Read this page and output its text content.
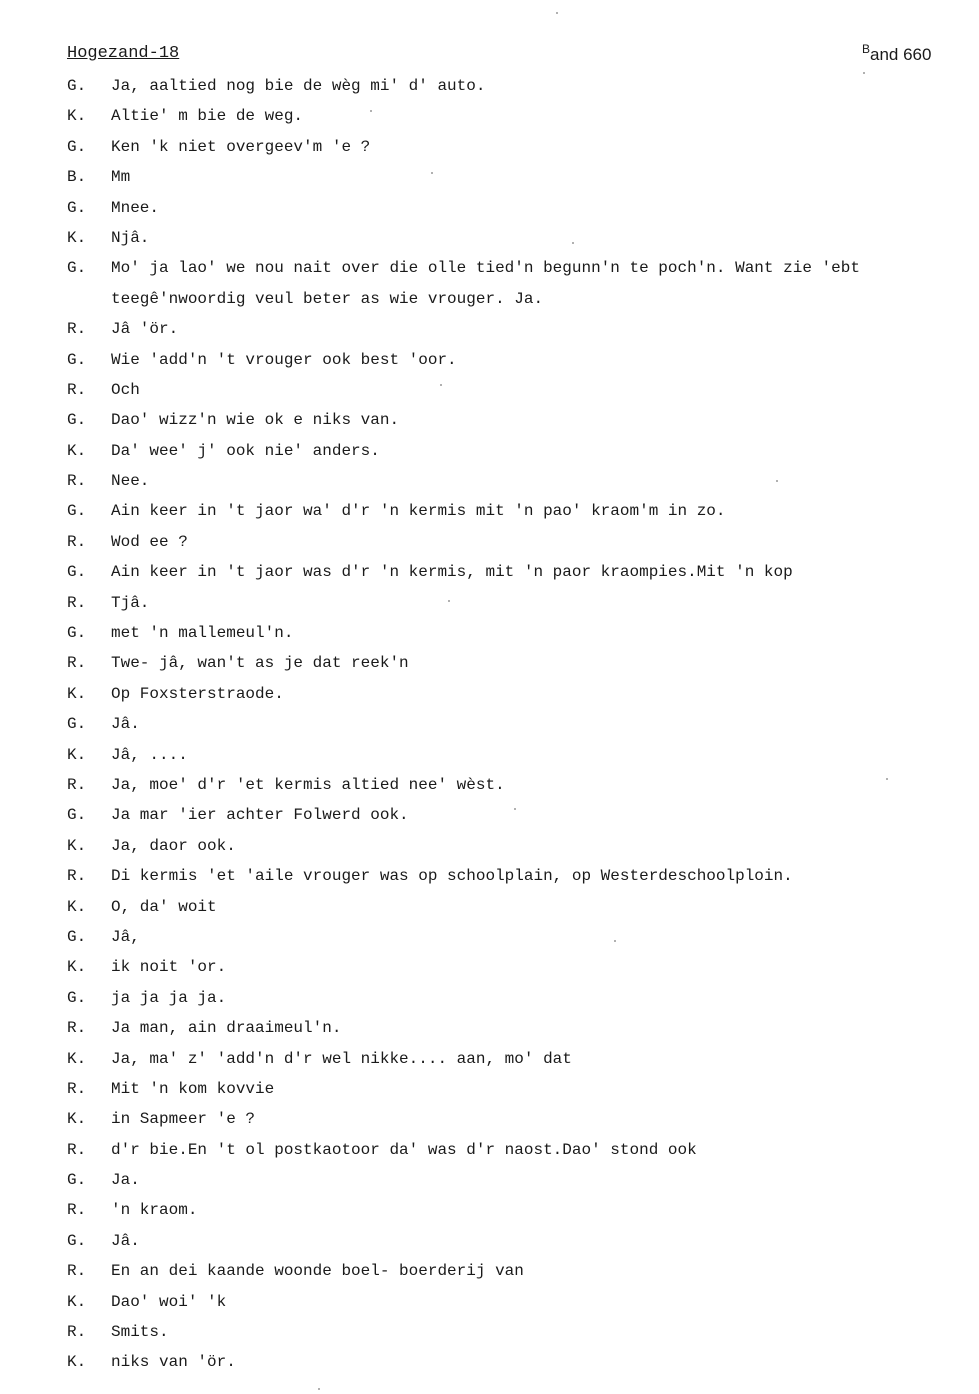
Hogezand-18	$^B$and 660
G.	Ja, aaltied nog bie de wèg mi' d' auto.
K.	Altie' m bie de weg.
G.	Ken 'k niet overgeev'm 'e ?
B.	Mm
G.	Mnee.
K.	Njâ.
G.	Mo' ja lao' we nou nait over die olle tied'n begunn'n te poch'n. Want zie 'ebt
teegê'nwoordig veul beter as wie vrouger. Ja.
R.	Jâ 'ör.
G.	Wie 'add'n 't vrouger ook best 'oor.
R.	Och
G.	Dao' wizz'n wie ok e niks van.
K.	Da' wee' j' ook nie' anders.
R.	Nee.
G.	Ain keer in 't jaor wa' d'r 'n kermis mit 'n pao' kraom'm in zo.
R.	Wod ee ?
G.	Ain keer in 't jaor was d'r 'n kermis, mit 'n paor kraompies.Mit 'n kop
R.	Tjâ.
G.	met 'n mallemeul'n.
R.	Twe- jâ, wan't as je dat reek'n
K.	Op Foxsterstraode.
G.	Jâ.
K.	Jâ, ....
R.	Ja, moe' d'r 'et kermis altied nee' wèst.
G.	Ja mar 'ier achter Folwerd ook.
K.	Ja, daor ook.
R.	Di kermis 'et 'aile vrouger was op schoolplain, op Westerdeschoolploin.
K.	O, da' woit
G.	Jâ,
K.	ik noit 'or.
G.	ja ja ja ja.
R.	Ja man, ain draaimeul'n.
K.	Ja, ma' z' 'add'n d'r wel nikke.... aan, mo' dat
R.	Mit 'n kom kovvie
K.	in Sapmeer 'e ?
R.	d'r bie.En 't ol postkaotoor da' was d'r naost.Dao' stond ook
G.	Ja.
R.	'n kraom.
G.	Jâ.
R.	En an dei kaande woonde boel- boerderij van
K.	Dao' woi' 'k
R.	Smits.
K.	niks van 'ör.
